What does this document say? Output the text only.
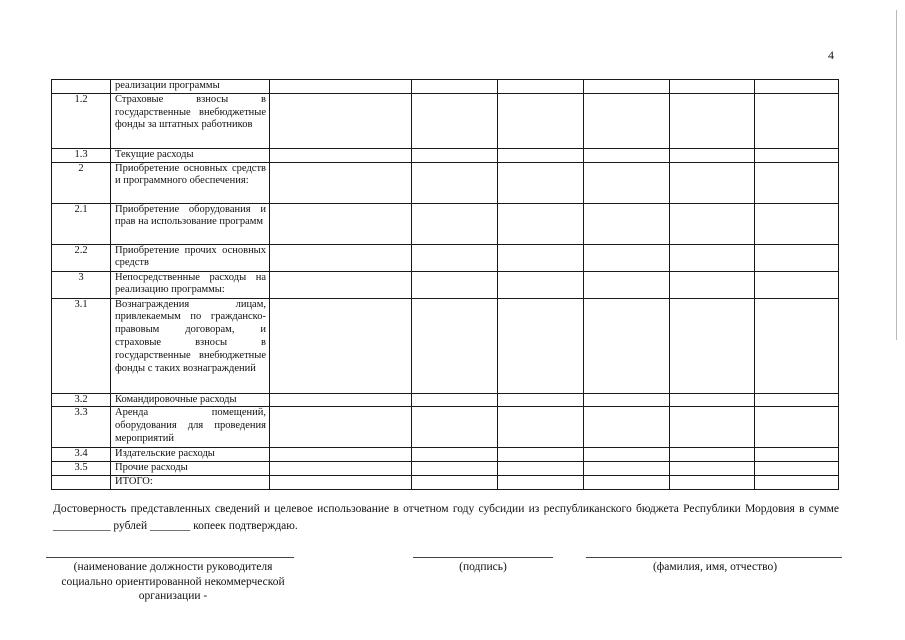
4
	реализации программы						
1.2	Страховые взносы в государственные внебюджетные фонды за штатных работников						
1.3	Текущие расходы						
2	Приобретение основных средств и программного обеспечения:						
2.1	Приобретение оборудования и прав на использование программ						
2.2	Приобретение прочих основных средств						
3	Непосредственные расходы на реализацию программы:						
3.1	Вознаграждения лицам, привлекаемым по гражданско-правовым договорам, и страховые взносы в государственные внебюджетные фонды с таких вознаграждений						
3.2	Командировочные расходы						
3.3	Аренда помещений, оборудования для проведения мероприятий						
3.4	Издательские расходы						
3.5	Прочие расходы						
	ИТОГО:						
Достоверность представленных сведений и целевое использование в отчетном году субсидии из республиканского бюджета Республики Мордовия в сумме __________ рублей _______ копеек подтверждаю.
(наименование должности руководителя социально ориентированной некоммерческой организации -
(подпись)	(фамилия, имя, отчество)
